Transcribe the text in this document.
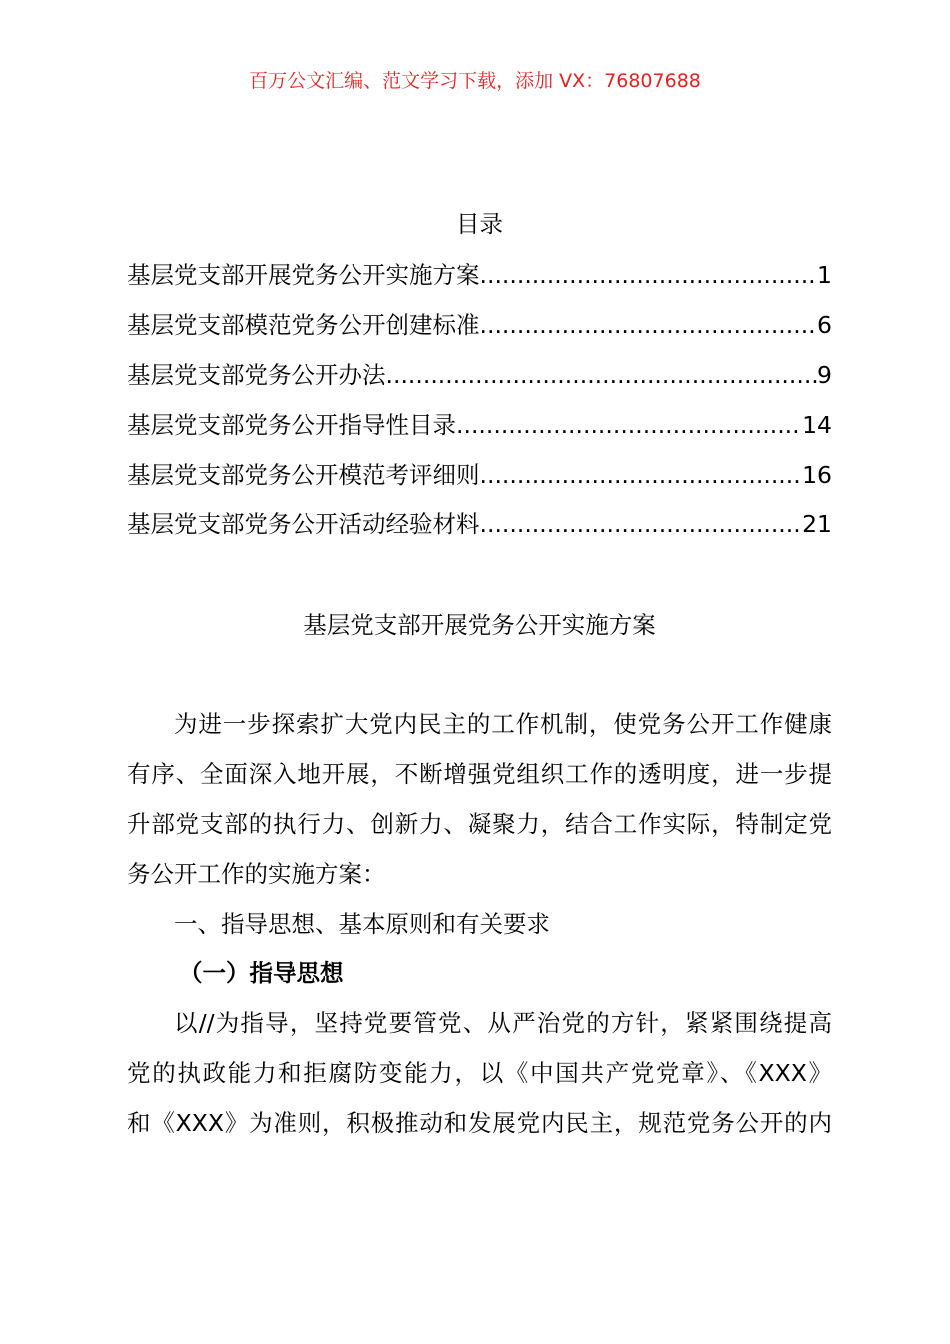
百万公文汇编、范文学习下载，添加 VX：76807688
目录
基层党支部开展党务公开实施方案 .....	1
基层党支部模范党务公开创建标准 .....	6
基层党支部党务公开办法 .....	9
基层党支部党务公开指导性目录 .....	14
基层党支部党务公开模范考评细则 .....	16
基层党支部党务公开活动经验材料 .....	21
基层党支部开展党务公开实施方案
为进一步探索扩大党内民主的工作机制，使党务公开工作健康
有序、全面深入地开展，不断增强党组织工作的透明度，进一步提
升部党支部的执行力、创新力、凝聚力，结合工作实际，特制定党
务公开工作的实施方案：
一、指导思想、基本原则和有关要求
（一）指导思想
以//为指导，坚持党要管党、从严治党的方针，紧紧围绕提高
党的执政能力和拒腐防变能力，以《中国共产党党章》、《XXX》
和《XXX》为准则，积极推动和发展党内民主，规范党务公开的内
